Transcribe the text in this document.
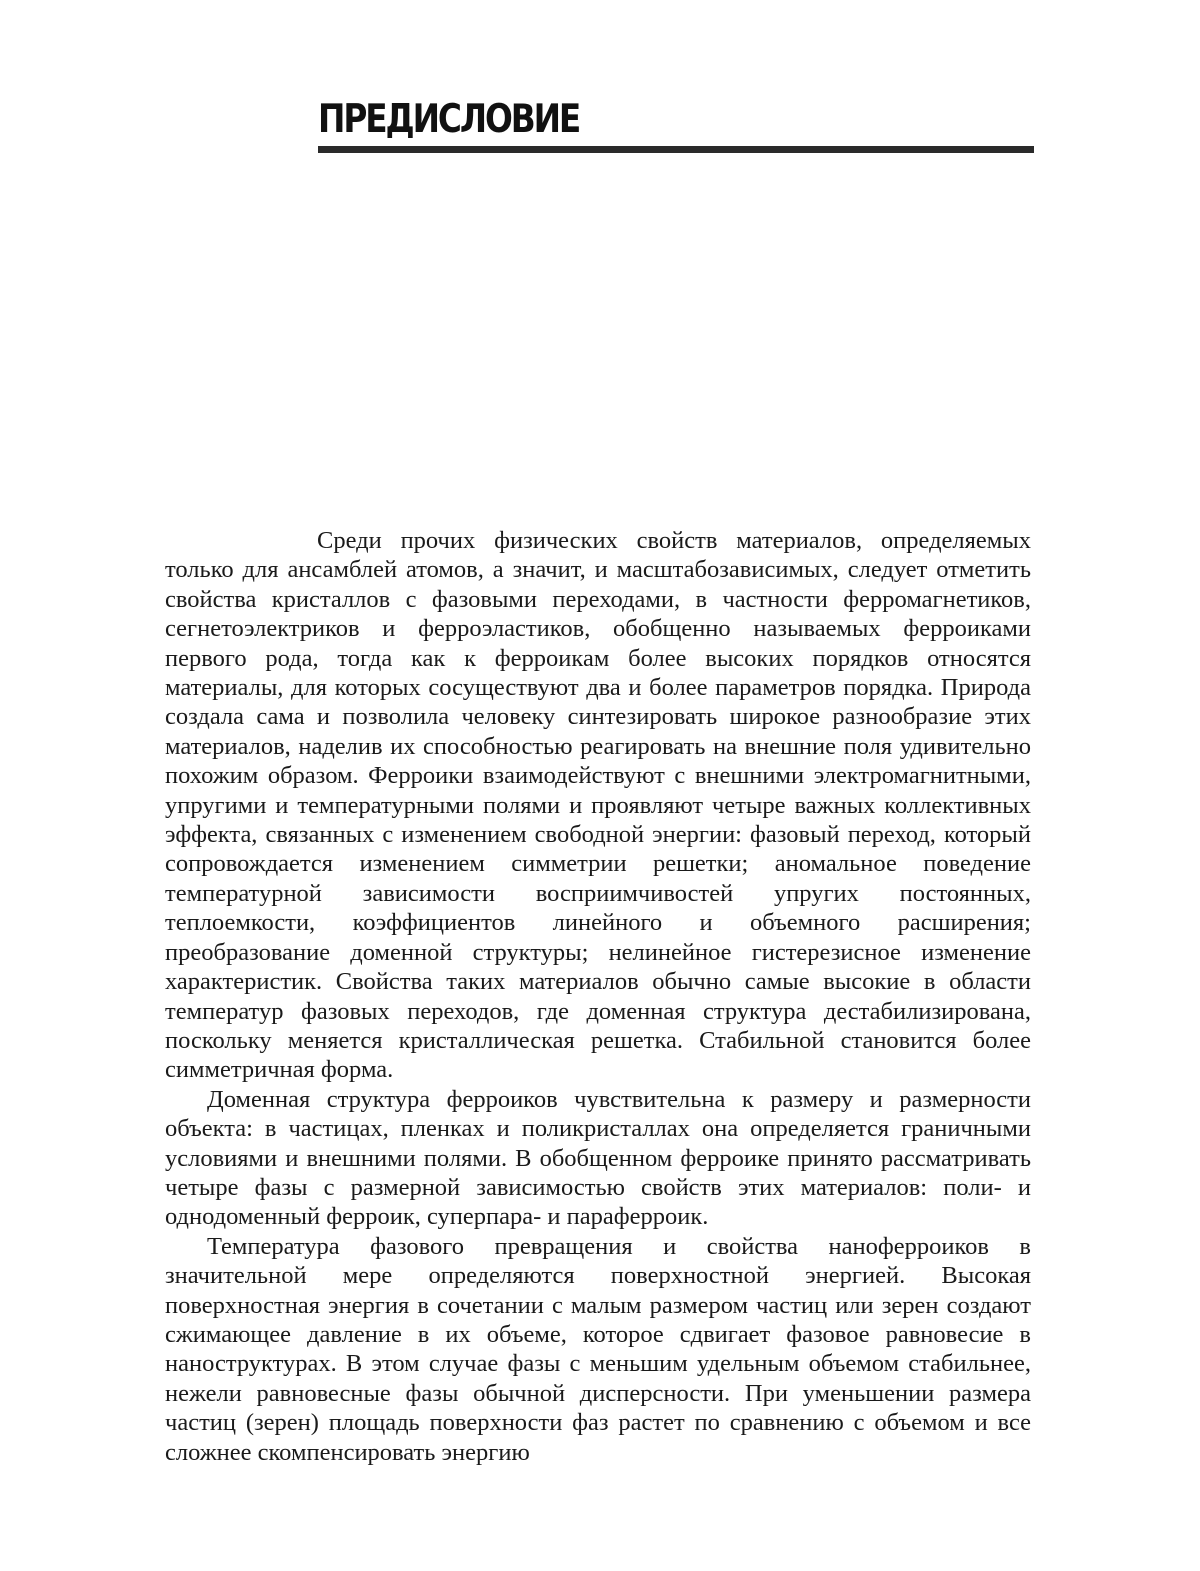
ПРЕДИСЛОВИЕ

Среди прочих физических свойств материалов, определяемых только для ансамблей атомов, а значит, и масштабозависимых, следует отметить свойства кристаллов с фазовыми переходами, в частности ферромагнетиков, сегнетоэлектриков и ферроэластиков, обобщенно называемых ферроиками первого рода, тогда как к ферроикам более высоких порядков относятся материалы, для которых сосуществуют два и более параметров порядка. Природа создала сама и позволила человеку синтезировать широкое разнообразие этих материалов, наделив их способностью реагировать на внешние поля удивительно похожим образом. Ферроики взаимодействуют с внешними электромагнитными, упругими и температурными полями и проявляют четыре важных коллективных эффекта, связанных с изменением свободной энергии: фазовый переход, который сопровождается изменением симметрии решетки; аномальное поведение температурной зависимости восприимчивостей упругих постоянных, теплоемкости, коэффициентов линейного и объемного расширения; преобразование доменной структуры; нелинейное гистерезисное изменение характеристик. Свойства таких материалов обычно самые высокие в области температур фазовых переходов, где доменная структура дестабилизирована, поскольку меняется кристаллическая решетка. Стабильной становится более симметричная форма.

Доменная структура ферроиков чувствительна к размеру и размерности объекта: в частицах, пленках и поликристаллах она определяется граничными условиями и внешними полями. В обобщенном ферроике принято рассматривать четыре фазы с размерной зависимостью свойств этих материалов: поли- и однодоменный ферроик, суперпара- и параферроик.

Температура фазового превращения и свойства наноферроиков в значительной мере определяются поверхностной энергией. Высокая поверхностная энергия в сочетании с малым размером частиц или зерен создают сжимающее давление в их объеме, которое сдвигает фазовое равновесие в наноструктурах. В этом случае фазы с меньшим удельным объемом стабильнее, нежели равновесные фазы обычной дисперсности. При уменьшении размера частиц (зерен) площадь поверхности фаз растет по сравнению с объемом и все сложнее скомпенсировать энергию
